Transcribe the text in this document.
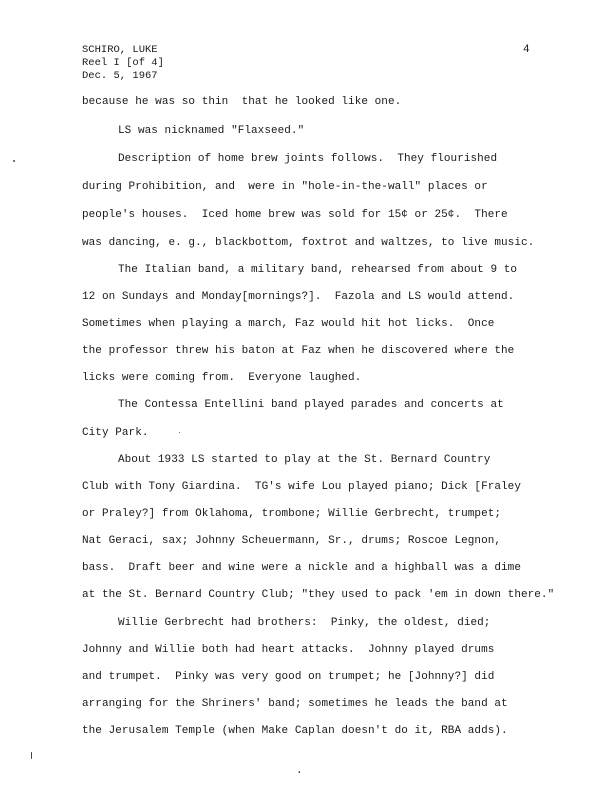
SCHIRO, LUKE
Reel I [of 4]
Dec. 5, 1967
4
because he was so thin  that he looked like one.
LS was nicknamed "Flaxseed."
Description of home brew joints follows.  They flourished
during Prohibition, and  were in "hole-in-the-wall" places or
people's houses.  Iced home brew was sold for 15¢ or 25¢.  There
was dancing, e. g., blackbottom, foxtrot and waltzes, to live music.
The Italian band, a military band, rehearsed from about 9 to
12 on Sundays and Monday[mornings?].  Fazola and LS would attend.
Sometimes when playing a march, Faz would hit hot licks.  Once
the professor threw his baton at Faz when he discovered where the
licks were coming from.  Everyone laughed.
The Contessa Entellini band played parades and concerts at
City Park.
About 1933 LS started to play at the St. Bernard Country
Club with Tony Giardina.  TG's wife Lou played piano; Dick [Fraley
or Praley?] from Oklahoma, trombone; Willie Gerbrecht, trumpet;
Nat Geraci, sax; Johnny Scheuermann, Sr., drums; Roscoe Legnon,
bass.  Draft beer and wine were a nickle and a highball was a dime
at the St. Bernard Country Club; "they used to pack 'em in down there."
Willie Gerbrecht had brothers:  Pinky, the oldest, died;
Johnny and Willie both had heart attacks.  Johnny played drums
and trumpet.  Pinky was very good on trumpet; he [Johnny?] did
arranging for the Shriners' band; sometimes he leads the band at
the Jerusalem Temple (when Make Caplan doesn't do it, RBA adds).
.
